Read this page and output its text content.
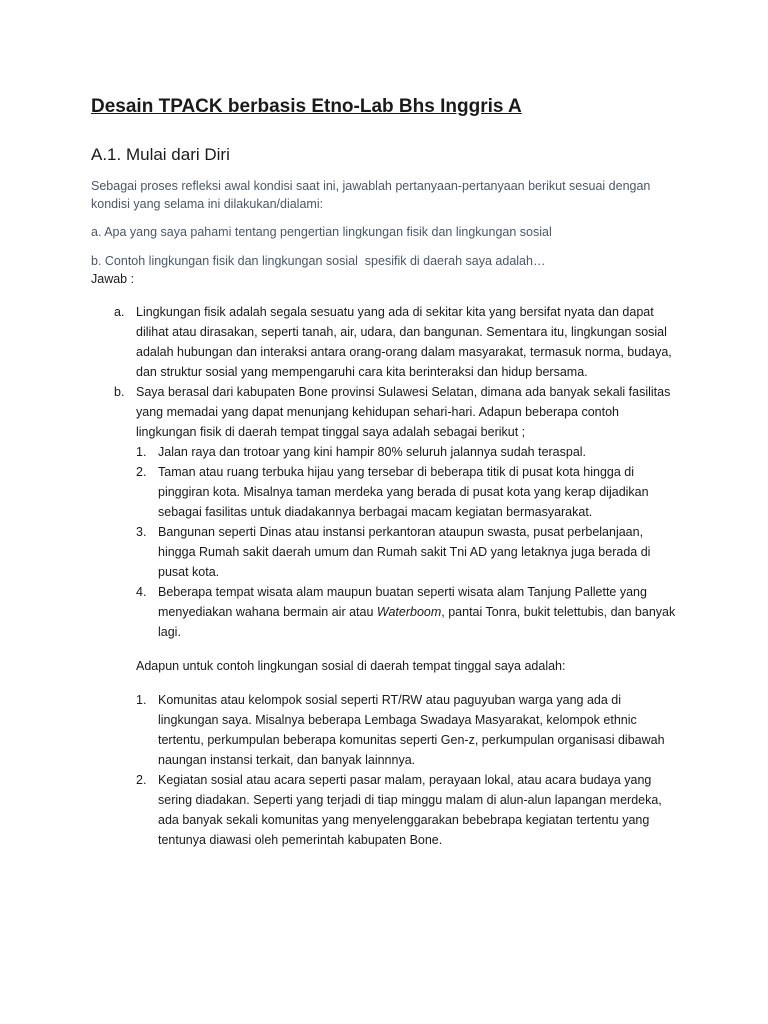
Desain TPACK berbasis Etno-Lab Bhs Inggris A
A.1. Mulai dari Diri

Sebagai proses refleksi awal kondisi saat ini, jawablah pertanyaan-pertanyaan berikut sesuai dengan kondisi yang selama ini dilakukan/dialami:

a. Apa yang saya pahami tentang pengertian lingkungan fisik dan lingkungan sosial

b. Contoh lingkungan fisik dan lingkungan sosial  spesifik di daerah saya adalah…

Jawab :

a. Lingkungan fisik adalah segala sesuatu yang ada di sekitar kita yang bersifat nyata dan dapat dilihat atau dirasakan, seperti tanah, air, udara, dan bangunan. Sementara itu, lingkungan sosial adalah hubungan dan interaksi antara orang-orang dalam masyarakat, termasuk norma, budaya, dan struktur sosial yang mempengaruhi cara kita berinteraksi dan hidup bersama.

b. Saya berasal dari kabupaten Bone provinsi Sulawesi Selatan, dimana ada banyak sekali fasilitas yang memadai yang dapat menunjang kehidupan sehari-hari. Adapun beberapa contoh lingkungan fisik di daerah tempat tinggal saya adalah sebagai berikut ;

1. Jalan raya dan trotoar yang kini hampir 80% seluruh jalannya sudah teraspal.

2. Taman atau ruang terbuka hijau yang tersebar di beberapa titik di pusat kota hingga di pinggiran kota. Misalnya taman merdeka yang berada di pusat kota yang kerap dijadikan sebagai fasilitas untuk diadakannya berbagai macam kegiatan bermasyarakat.

3. Bangunan seperti Dinas atau instansi perkantoran ataupun swasta, pusat perbelanjaan, hingga Rumah sakit daerah umum dan Rumah sakit Tni AD yang letaknya juga berada di pusat kota.

4. Beberapa tempat wisata alam maupun buatan seperti wisata alam Tanjung Pallette yang menyediakan wahana bermain air atau Waterboom, pantai Tonra, bukit telettubis, dan banyak lagi.

Adapun untuk contoh lingkungan sosial di daerah tempat tinggal saya adalah:

1. Komunitas atau kelompok sosial seperti RT/RW atau paguyuban warga yang ada di lingkungan saya. Misalnya beberapa Lembaga Swadaya Masyarakat, kelompok ethnic tertentu, perkumpulan beberapa komunitas seperti Gen-z, perkumpulan organisasi dibawah naungan instansi terkait, dan banyak lainnnya.

2. Kegiatan sosial atau acara seperti pasar malam, perayaan lokal, atau acara budaya yang sering diadakan. Seperti yang terjadi di tiap minggu malam di alun-alun lapangan merdeka, ada banyak sekali komunitas yang menyelenggarakan bebebrapa kegiatan tertentu yang tentunya diawasi oleh pemerintah kabupaten Bone.
